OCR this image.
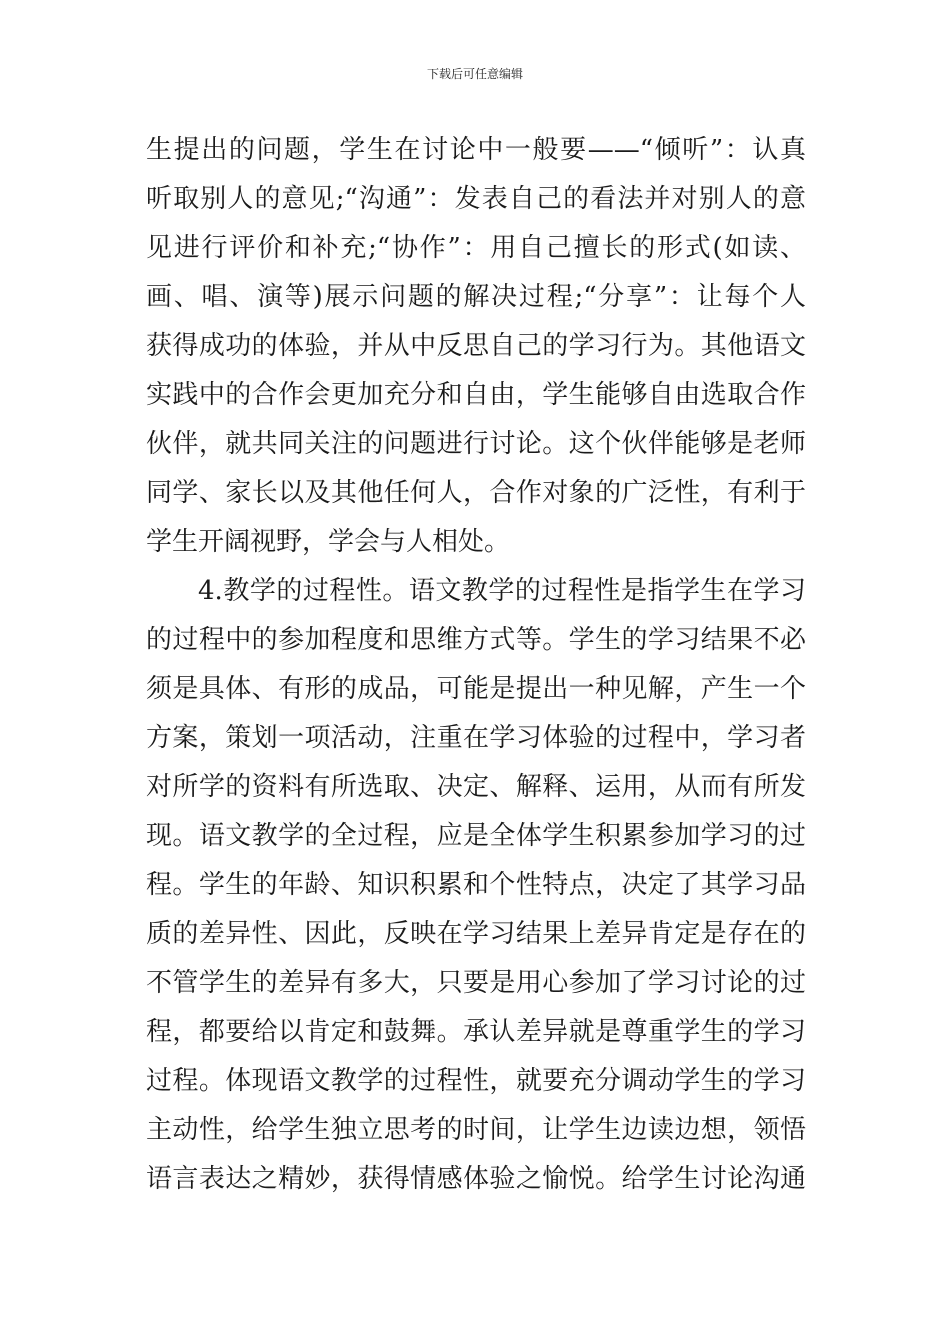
下载后可任意编辑
生提出的问题，学生在讨论中一般要——“倾听”：认真
听取别人的意见;“沟通”：发表自己的看法并对别人的意
见进行评价和补充;“协作”：用自己擅长的形式(如读、
画、唱、演等)展示问题的解决过程;“分享”：让每个人
获得成功的体验，并从中反思自己的学习行为。其他语文
实践中的合作会更加充分和自由，学生能够自由选取合作
伙伴，就共同关注的问题进行讨论。这个伙伴能够是老师
同学、家长以及其他任何人，合作对象的广泛性，有利于
学生开阔视野，学会与人相处。
4.教学的过程性。语文教学的过程性是指学生在学习
的过程中的参加程度和思维方式等。学生的学习结果不必
须是具体、有形的成品，可能是提出一种见解，产生一个
方案，策划一项活动，注重在学习体验的过程中，学习者
对所学的资料有所选取、决定、解释、运用，从而有所发
现。语文教学的全过程，应是全体学生积累参加学习的过
程。学生的年龄、知识积累和个性特点，决定了其学习品
质的差异性、因此，反映在学习结果上差异肯定是存在的
不管学生的差异有多大，只要是用心参加了学习讨论的过
程，都要给以肯定和鼓舞。承认差异就是尊重学生的学习
过程。体现语文教学的过程性，就要充分调动学生的学习
主动性，给学生独立思考的时间，让学生边读边想，领悟
语言表达之精妙，获得情感体验之愉悦。给学生讨论沟通
